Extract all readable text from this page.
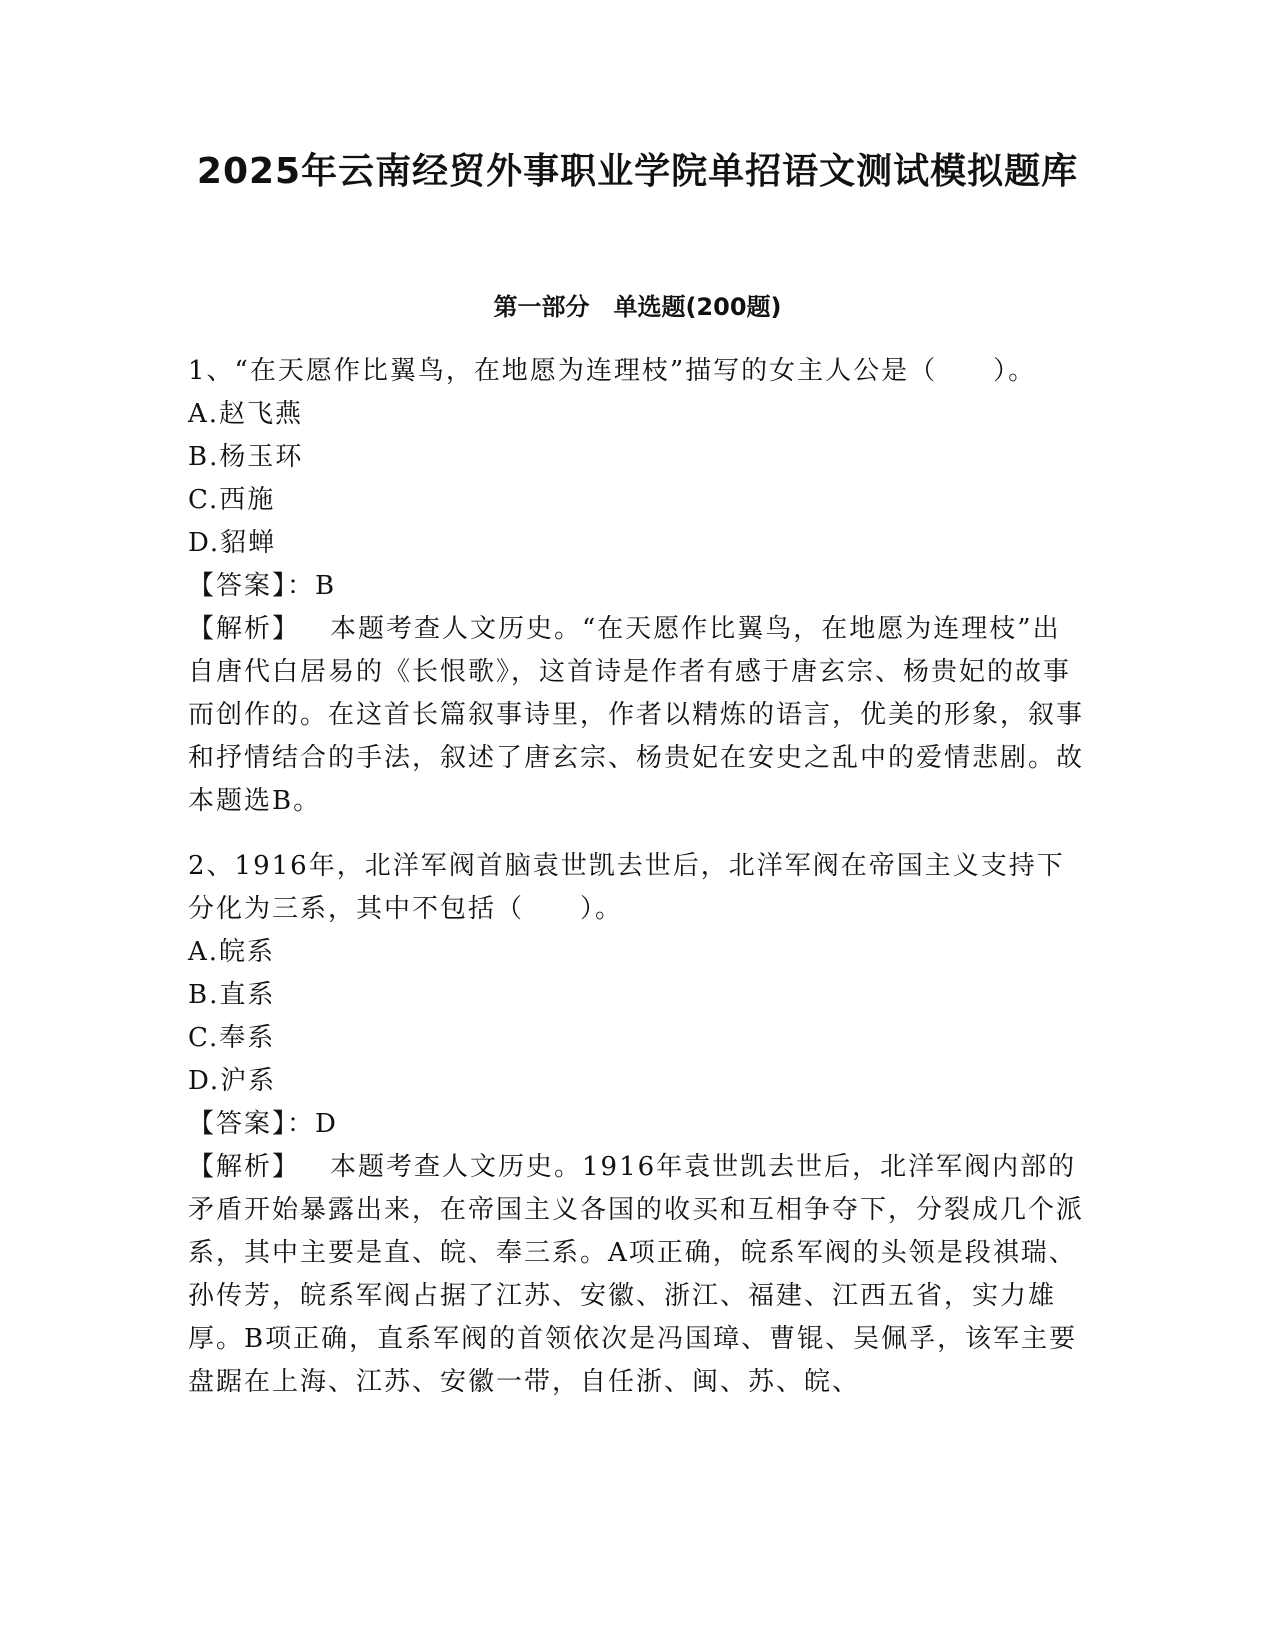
2025年云南经贸外事职业学院单招语文测试模拟题库
第一部分　单选题(200题)

1、“在天愿作比翼鸟，在地愿为连理枝”描写的女主人公是（　　）。

A.赵飞燕

B.杨玉环

C.西施

D.貂蝉

【答案】：B

【解析】 本题考查人文历史。“在天愿作比翼鸟，在地愿为连理枝”出自唐代白居易的《长恨歌》，这首诗是作者有感于唐玄宗、杨贵妃的故事而创作的。在这首长篇叙事诗里，作者以精炼的语言，优美的形象，叙事和抒情结合的手法，叙述了唐玄宗、杨贵妃在安史之乱中的爱情悲剧。故本题选B。

2、1916年，北洋军阀首脑袁世凯去世后，北洋军阀在帝国主义支持下分化为三系，其中不包括（　　）。

A.皖系

B.直系

C.奉系

D.沪系

【答案】：D

【解析】 本题考查人文历史。1916年袁世凯去世后，北洋军阀内部的矛盾开始暴露出来，在帝国主义各国的收买和互相争夺下，分裂成几个派系，其中主要是直、皖、奉三系。A项正确，皖系军阀的头领是段祺瑞、孙传芳，皖系军阀占据了江苏、安徽、浙江、福建、江西五省，实力雄厚。B项正确，直系军阀的首领依次是冯国璋、曹锟、吴佩孚，该军主要盘踞在上海、江苏、安徽一带，自任浙、闽、苏、皖、
